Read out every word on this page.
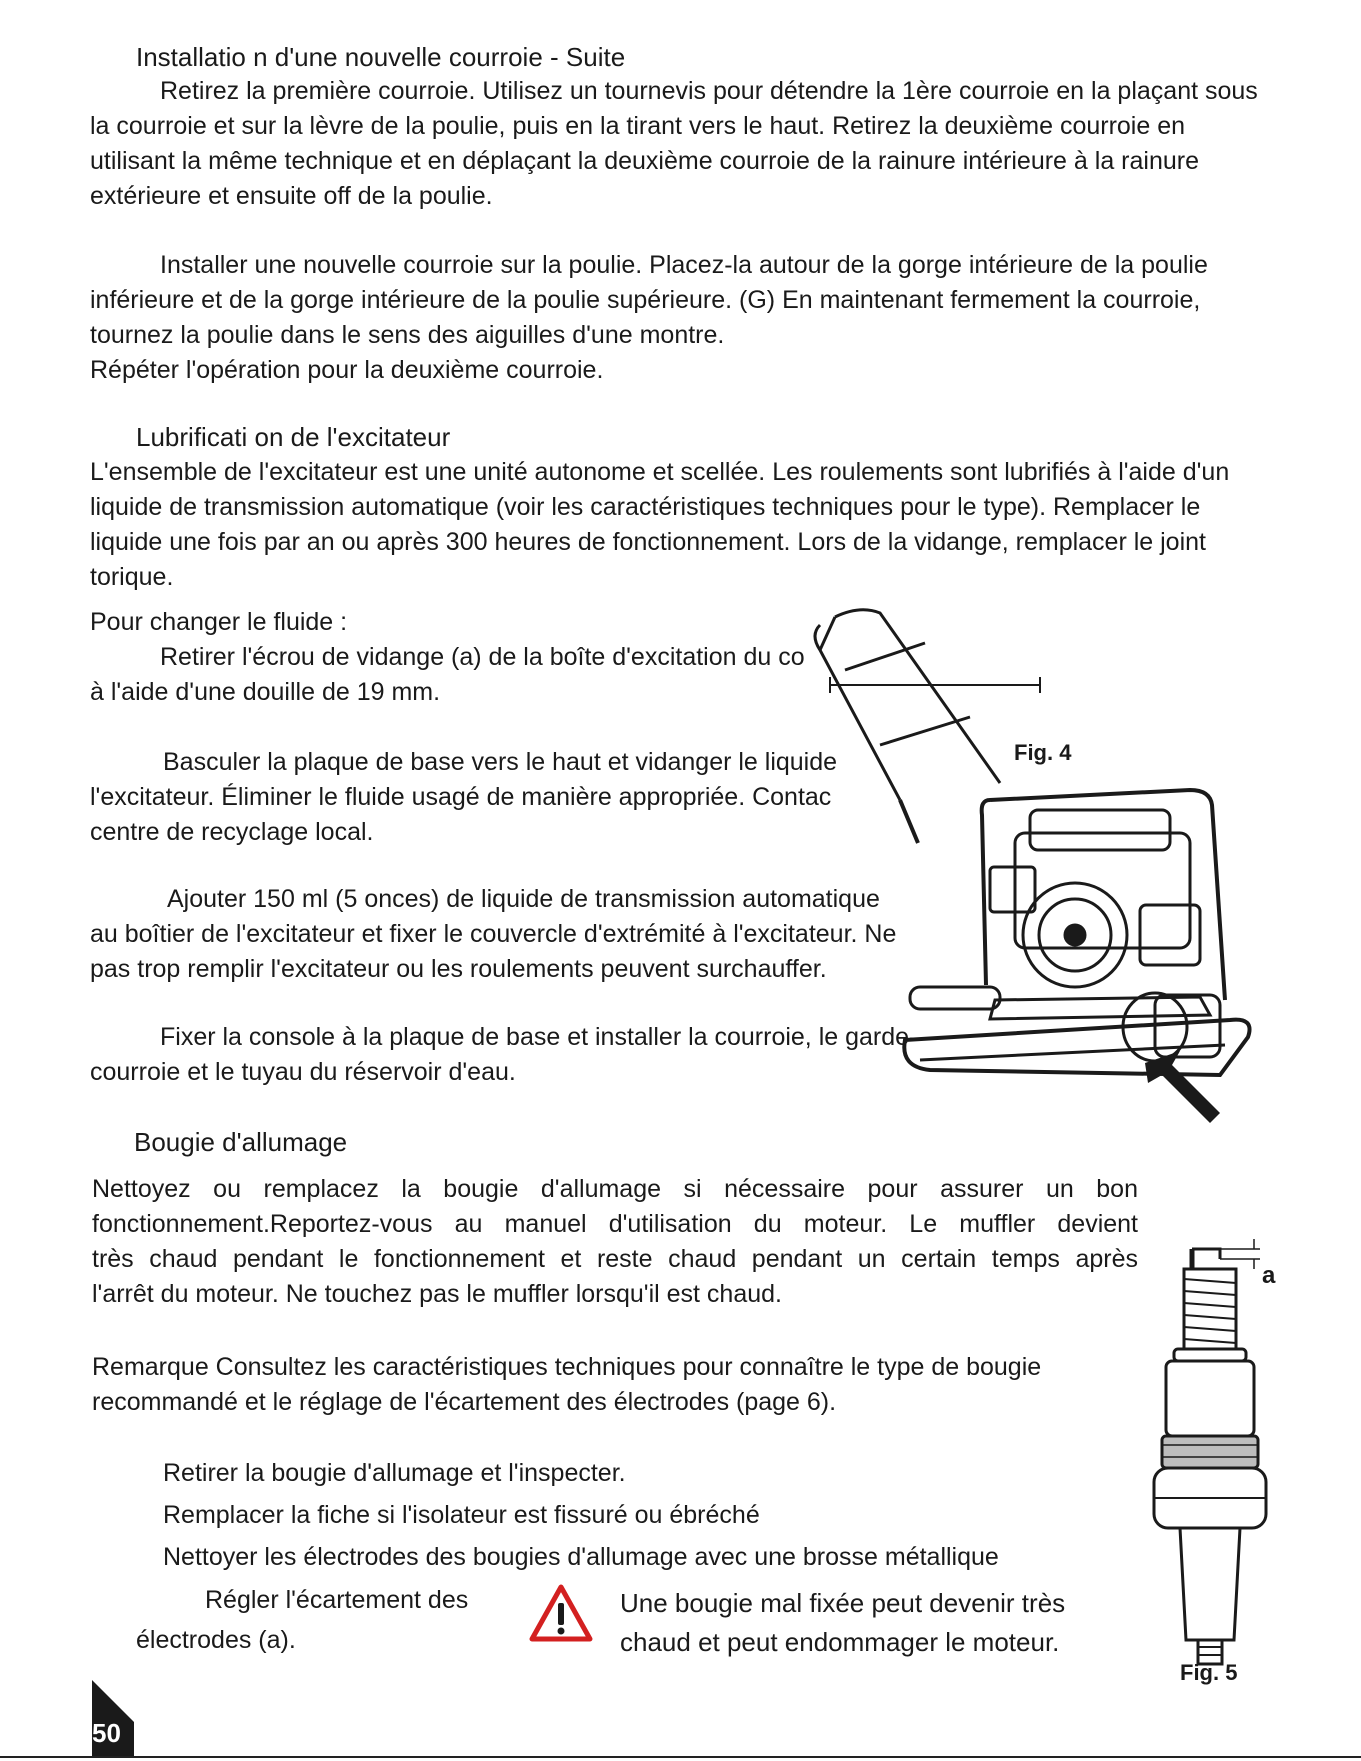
Installatio n d'une nouvelle courroie - Suite
Retirez la première courroie. Utilisez un tournevis pour détendre la 1ère courroie en la plaçant sous
la courroie et sur la lèvre de la poulie, puis en la tirant vers le haut. Retirez la deuxième courroie en
utilisant la même technique et en déplaçant la deuxième courroie de la rainure intérieure à la rainure
extérieure et ensuite off de la poulie.
Installer une nouvelle courroie sur la poulie. Placez-la autour de la gorge intérieure de la poulie
inférieure et de la gorge intérieure de la poulie supérieure. (G) En maintenant fermement la courroie,
tournez la poulie dans le sens des aiguilles d'une montre.
Répéter l'opération pour la deuxième courroie.
Lubrificati on de l'excitateur
L'ensemble de l'excitateur est une unité autonome et scellée. Les roulements sont lubrifiés à l'aide d'un
liquide de transmission automatique (voir les caractéristiques techniques pour le type). Remplacer le
liquide une fois par an ou après 300 heures de fonctionnement. Lors de la vidange, remplacer le joint
torique.
Pour changer le fluide :
Retirer l'écrou de vidange (a) de la boîte d'excitation du co
à l'aide d'une douille de 19 mm.
Basculer la plaque de base vers le haut et vidanger le liquide
l'excitateur. Éliminer le fluide usagé de manière appropriée. Contac
centre de recyclage local.
Ajouter 150 ml (5 onces) de liquide de transmission automatique
au boîtier de l'excitateur et fixer le couvercle d'extrémité à l'excitateur. Ne
pas trop remplir l'excitateur ou les roulements peuvent surchauffer.
Fixer la console à la plaque de base et installer la courroie, le garde-
courroie et le tuyau du réservoir d'eau.
Fig. 4
Bougie d'allumage
Nettoyez ou remplacez la bougie d'allumage si nécessaire pour assurer un bon
fonctionnement.Reportez-vous au manuel d'utilisation du moteur. Le muffler devient
très chaud pendant le fonctionnement et reste chaud pendant un certain temps après
l'arrêt du moteur. Ne touchez pas le muffler lorsqu'il est chaud.
Remarque Consultez les caractéristiques techniques pour connaître le type de bougie
recommandé et le réglage de l'écartement des électrodes (page 6).
Retirer la bougie d'allumage et l'inspecter.
Remplacer la fiche si l'isolateur est fissuré ou ébréché
Nettoyer les électrodes des bougies d'allumage avec une brosse métallique
Régler l'écartement des
électrodes (a).
Une bougie mal fixée peut devenir très
chaud et peut endommager le moteur.
a
Fig. 5
50
